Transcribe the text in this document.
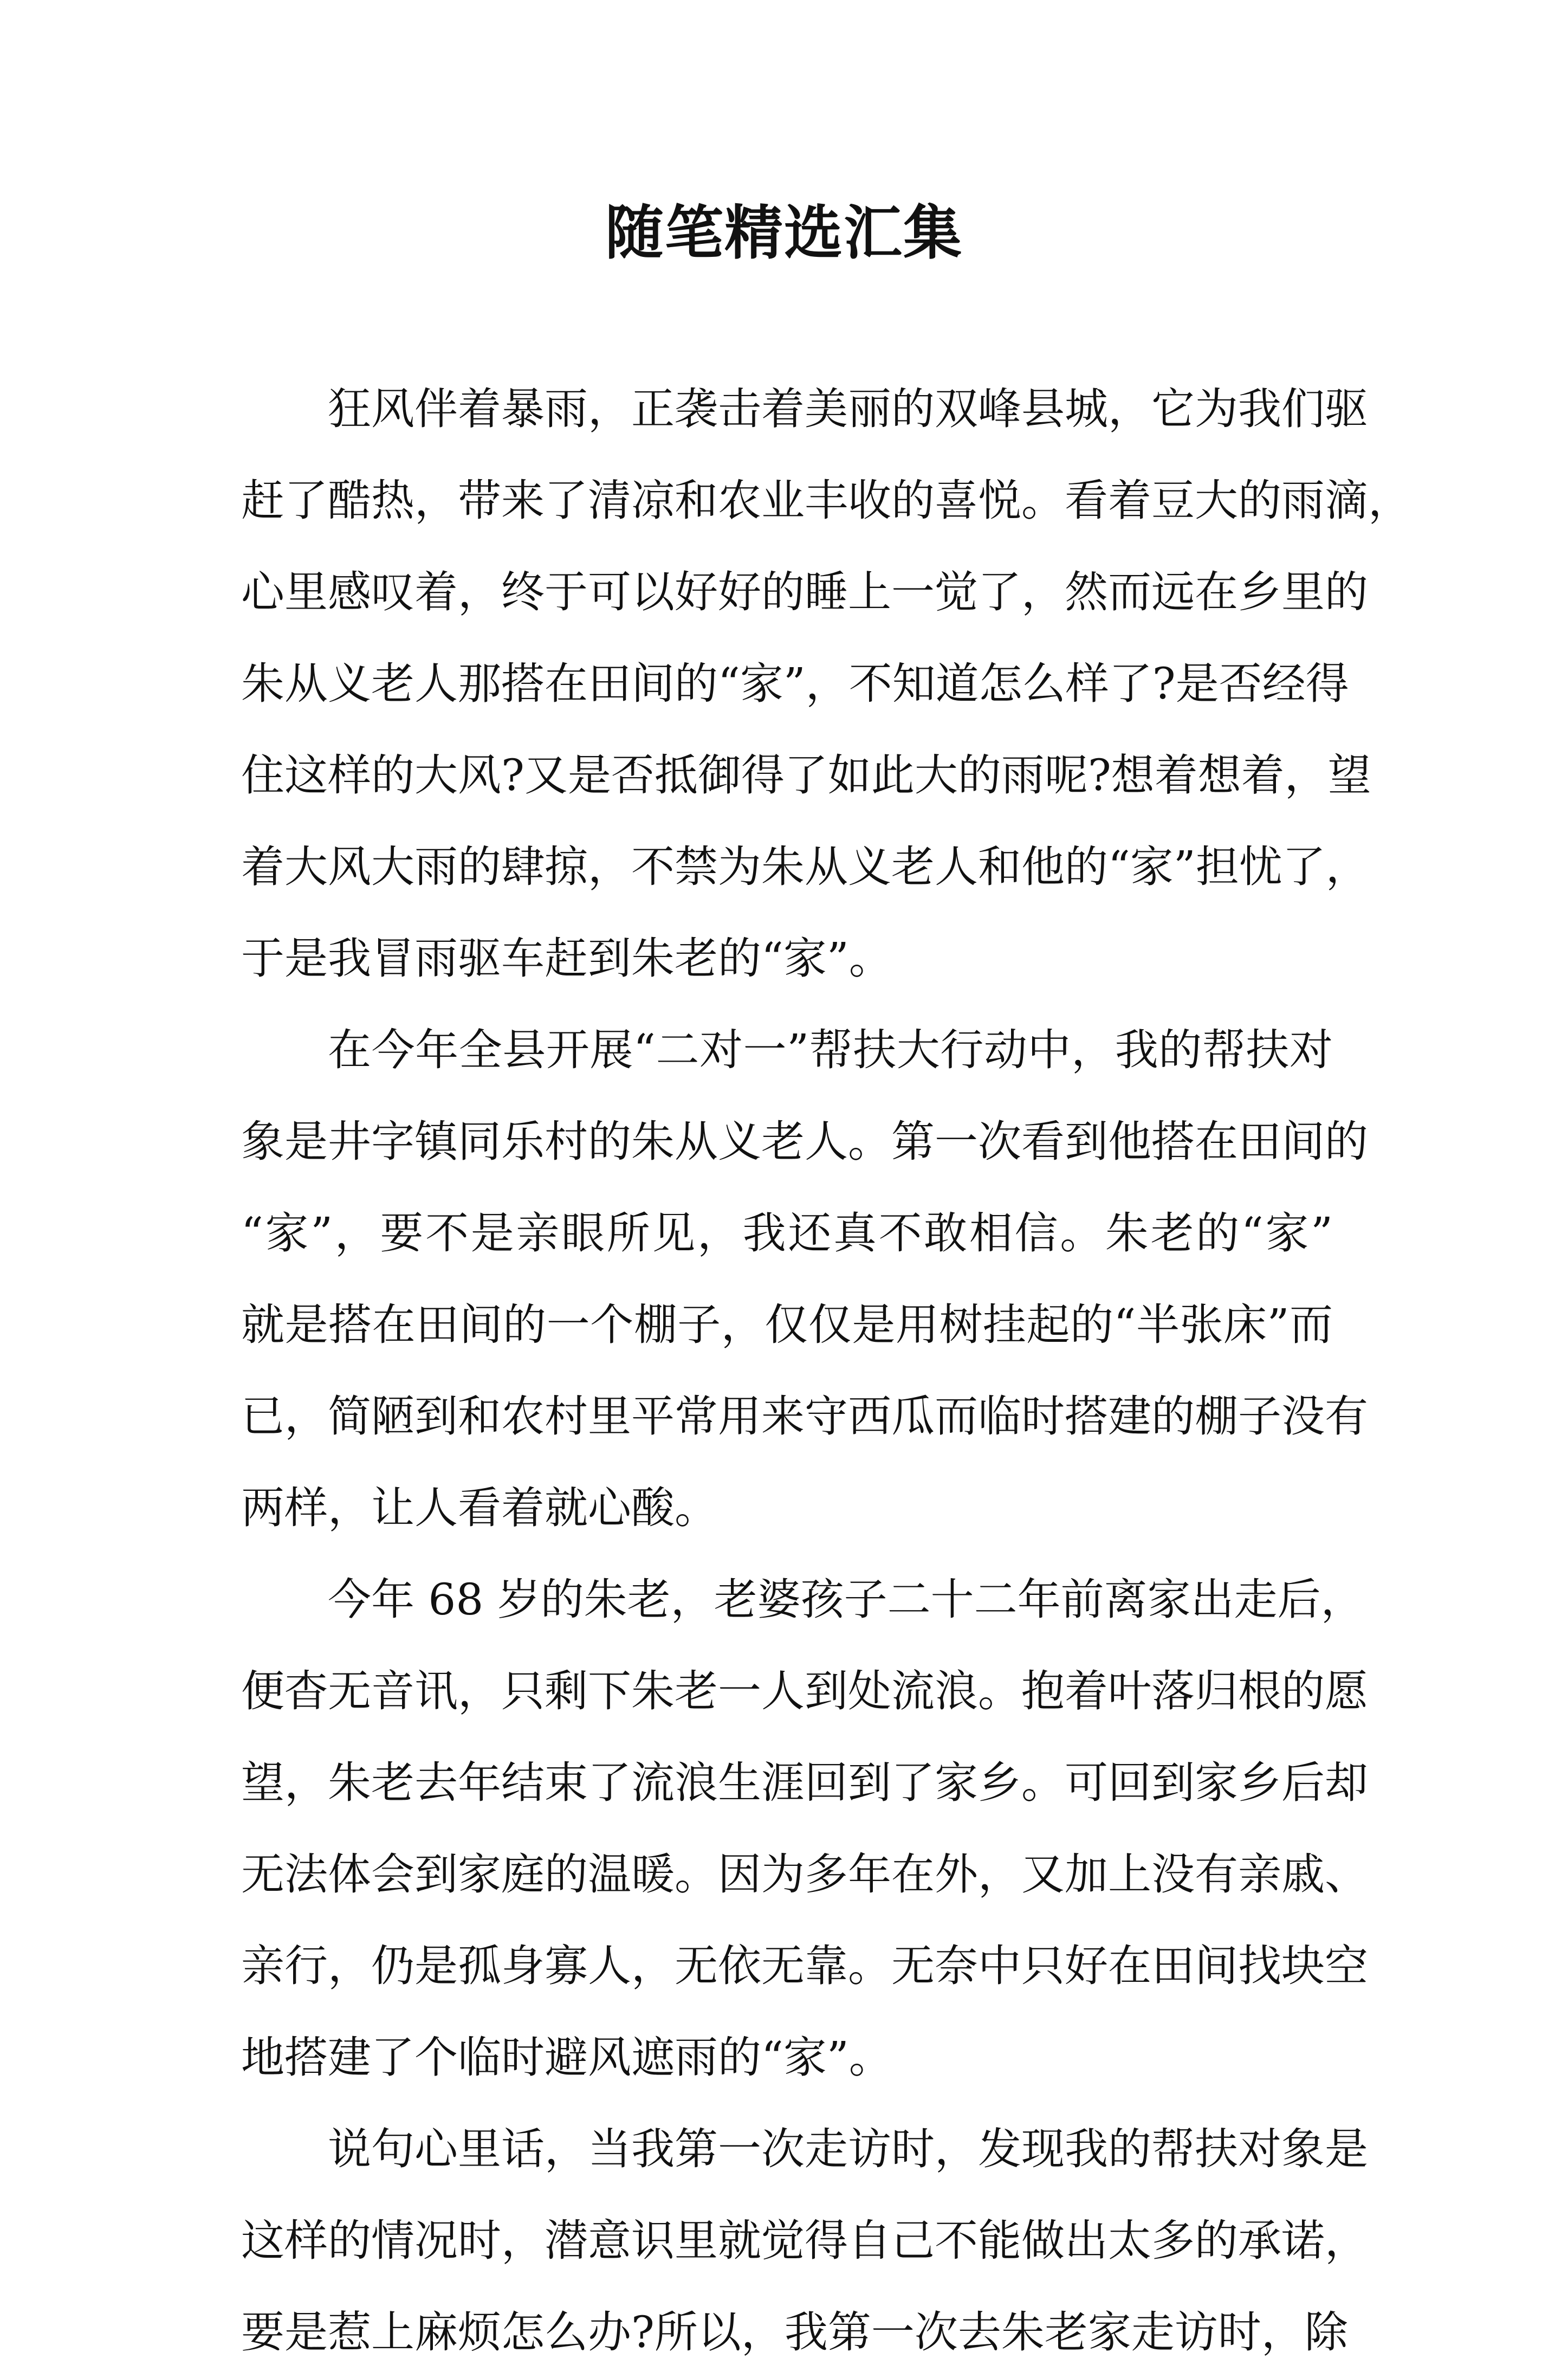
随笔精选汇集
狂风伴着暴雨，正袭击着美丽的双峰县城，它为我们驱
赶了酷热，带来了清凉和农业丰收的喜悦。看着豆大的雨滴，
心里感叹着，终于可以好好的睡上一觉了，然而远在乡里的
朱从义老人那搭在田间的“家”，不知道怎么样了?是否经得
住这样的大风?又是否抵御得了如此大的雨呢?想着想着，望
着大风大雨的肆掠，不禁为朱从义老人和他的“家”担忧了，
于是我冒雨驱车赶到朱老的“家”。
在今年全县开展“二对一”帮扶大行动中，我的帮扶对
象是井字镇同乐村的朱从义老人。第一次看到他搭在田间的
“家”，要不是亲眼所见，我还真不敢相信。朱老的“家”
就是搭在田间的一个棚子，仅仅是用树挂起的“半张床”而
已，简陋到和农村里平常用来守西瓜而临时搭建的棚子没有
两样，让人看着就心酸。
今年 68 岁的朱老，老婆孩子二十二年前离家出走后，
便杳无音讯，只剩下朱老一人到处流浪。抱着叶落归根的愿
望，朱老去年结束了流浪生涯回到了家乡。可回到家乡后却
无法体会到家庭的温暖。因为多年在外，又加上没有亲戚、
亲行，仍是孤身寡人，无依无靠。无奈中只好在田间找块空
地搭建了个临时避风遮雨的“家”。
说句心里话，当我第一次走访时，发现我的帮扶对象是
这样的情况时，潜意识里就觉得自己不能做出太多的承诺，
要是惹上麻烦怎么办?所以，我第一次去朱老家走访时，除
